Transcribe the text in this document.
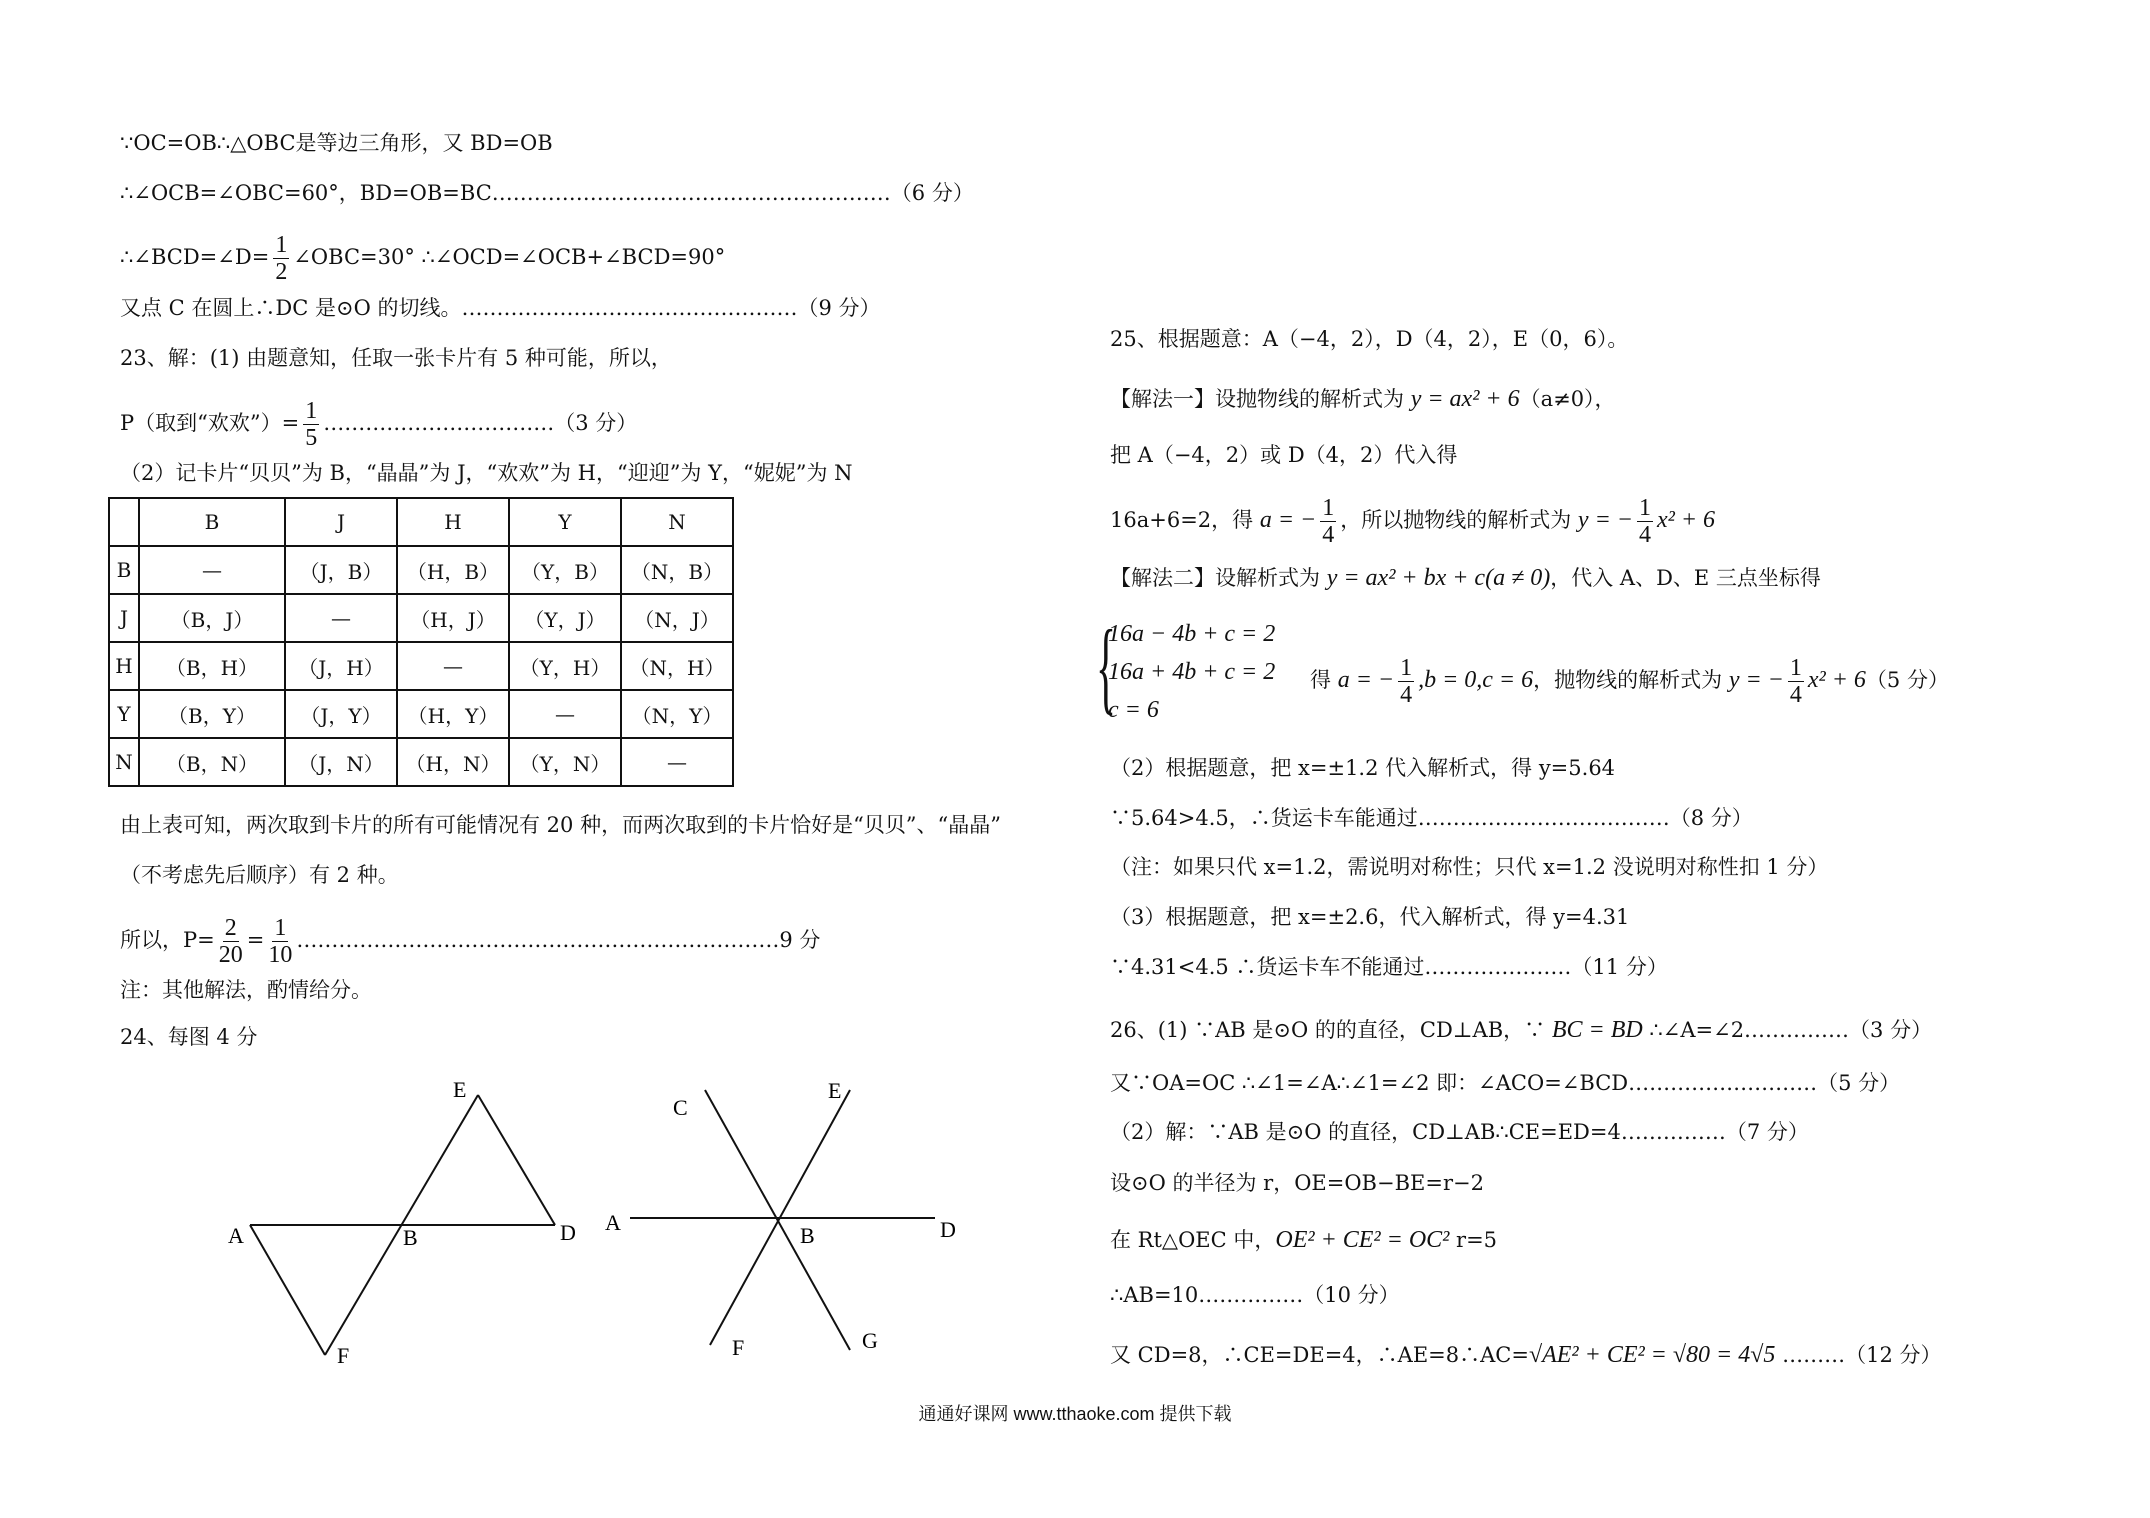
∵OC=OB∴△OBC是等边三角形，又 BD=OB
∴∠OCB=∠OBC=60°，BD=OB=BC…………………………………………………（6 分）
∴∠BCD=∠D= $\frac{1}{2}$ ∠OBC=30° ∴∠OCD=∠OCB+∠BCD=90°
又点 C 在圆上∴DC 是⊙O 的切线。…………………………………………（9 分）
23、解：(1) 由题意知，任取一张卡片有 5 种可能，所以，
P（取到“欢欢”）= $\frac{1}{5}$ ……………………………（3 分）
（2）记卡片“贝贝”为 B，“晶晶”为 J，“欢欢”为 H，“迎迎”为 Y，“妮妮”为 N
	B	J	H	Y	N
B	—	（J，B）	（H，B）	（Y，B）	（N，B）
J	（B，J）	—	（H，J）	（Y，J）	（N，J）
H	（B，H）	（J，H）	—	（Y，H）	（N，H）
Y	（B，Y）	（J，Y）	（H，Y）	—	（N，Y）
N	（B，N）	（J，N）	（H，N）	（Y，N）	—
由上表可知，两次取到卡片的所有可能情况有 20 种，而两次取到的卡片恰好是“贝贝”、“晶晶”
（不考虑先后顺序）有 2 种。
所以，$P= \frac{2}{20} = \frac{1}{10}$ ……………………………………………………………9 分
注：其他解法，酌情给分。
24、每图 4 分
A	B	D
E
F
A
B	D
C
E
F	G
25、根据题意：A（−4，2），D（4，2），E（0，6）。
【解法一】设抛物线的解析式为 y = ax² + 6（a≠0），
把 A（−4，2）或 D（4，2）代入得
16a+6=2，得 a = − $\frac{1}{4}$ ，所以抛物线的解析式为 y = − $\frac{1}{4} x^2 + 6$
【解法二】设解析式为 y = ax² + bx + c(a ≠ 0)，代入 A、D、E 三点坐标得
{
16a − 4b + c = 2
16a + 4b + c = 2
c = 6
得 a = − $\frac{1}{4} ,b = 0,c = 6$，抛物线的解析式为 y = − $\frac{1}{4} x^2 + 6(5$ 分）
（2）根据题意，把 x=±1.2 代入解析式，得 y=5.64
∵5.64>4.5，∴货运卡车能通过………………………………（8 分）
（注：如果只代 x=1.2，需说明对称性；只代 x=1.2 没说明对称性扣 1 分）
（3）根据题意，把 x=±2.6，代入解析式，得 y=4.31
∵4.31<4.5 ∴货运卡车不能通过…………………（11 分）
26、(1) ∵AB 是⊙O 的的直径，CD⊥AB，∵ BC = BD ∴∠A=∠2……………（3 分）
又∵OA=OC ∴∠1=∠A∴∠1=∠2 即：∠ACO=∠BCD………………………（5 分）
（2）解：∵AB 是⊙O 的直径，CD⊥AB∴CE=ED=4……………（7 分）
设⊙O 的半径为 r，OE=OB−BE=r−2
在 Rt△OEC 中，OE² + CE² = OC² r=5
∴AB=10……………（10 分）
又 CD=8，∴CE=DE=4，∴AE=8∴AC=√AE² + CE² = √80 = 4√5 ………（12 分）
通通好课网 www.tthaoke.com 提供下载
